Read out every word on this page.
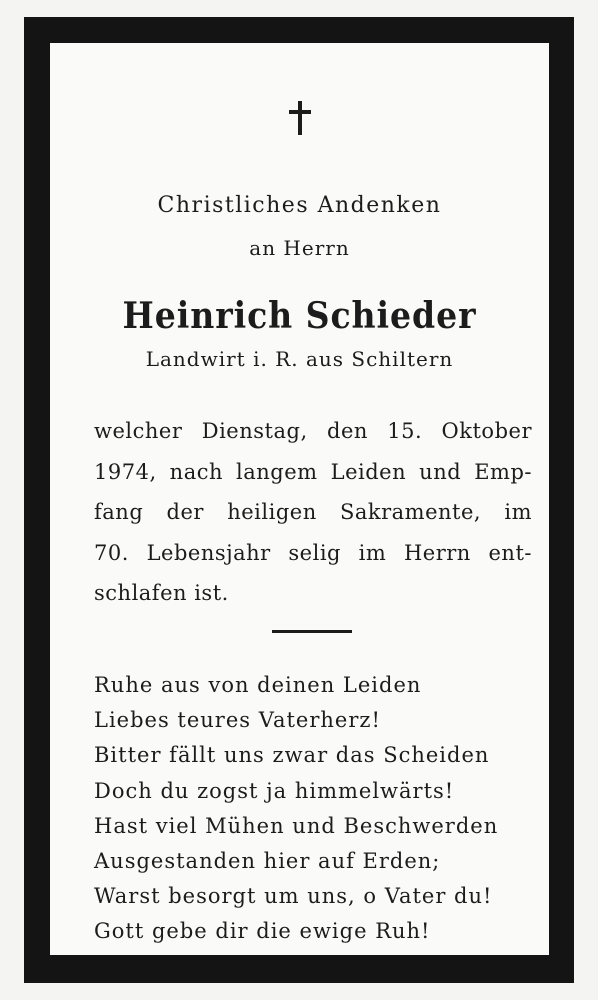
Christliches Andenken
an Herrn
Heinrich Schieder
Landwirt i. R. aus Schiltern
welcher Dienstag, den 15. Oktober
1974, nach langem Leiden und Emp-
fang der heiligen Sakramente, im
70. Lebensjahr selig im Herrn ent-
schlafen ist.
Ruhe aus von deinen Leiden
Liebes teures Vaterherz!
Bitter fällt uns zwar das Scheiden
Doch du zogst ja himmelwärts!
Hast viel Mühen und Beschwerden
Ausgestanden hier auf Erden;
Warst besorgt um uns, o Vater du!
Gott gebe dir die ewige Ruh!
